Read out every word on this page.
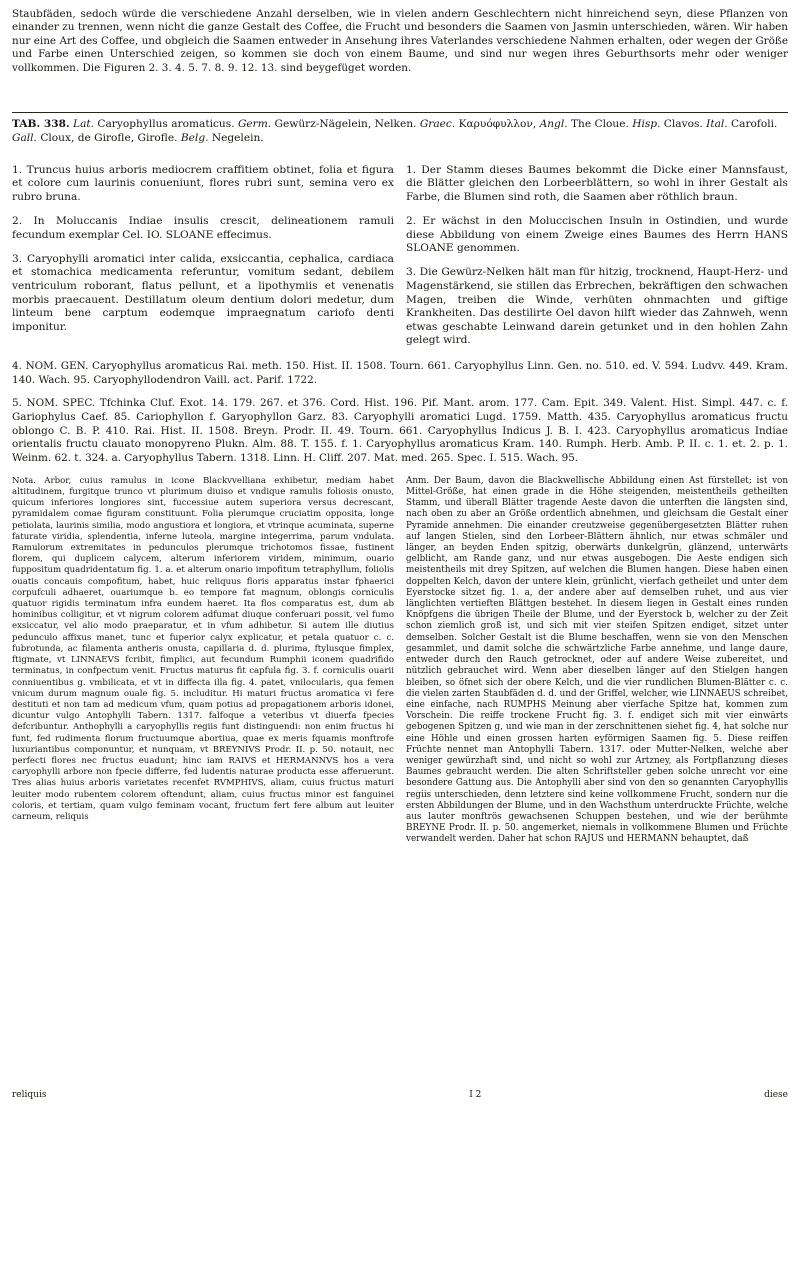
Staubfäden, sedoch würde die verschiedene Anzahl derselben, wie in vielen andern Geschlechtern nicht hinreichend seyn, diese Pflanzen von einander zu trennen, wenn nicht die ganze Gestalt des Coffee, die Frucht und besonders die Saamen von Jasmin unterschieden, wären. Wir haben nur eine Art des Coffee, und obgleich die Saamen entweder in Ansehung ihres Vaterlandes verschiedene Nahmen erhalten, oder wegen der Größe und Farbe einen Unterschied zeigen, so kommen sie doch von einem Baume, und sind nur wegen ihres Geburthsorts mehr oder weniger vollkommen. Die Figuren 2. 3. 4. 5. 7. 8. 9. 12. 13. sind beygefüget worden.

TAB. 338. Lat. Caryophyllus aromaticus. Germ. Gewürz-Nägelein, Nelken. Graec. Καρυόφυλλον, Angl. The Cloue. Hisp. Clavos. Ital. Carofoli. Gall. Cloux, de Girofle, Girofle. Belg. Negelein.

1. Truncus huius arboris mediocrem craffitiem obtinet, folia et figura et colore cum laurinis conueniunt, flores rubri sunt, semina vero ex rubro bruna.

2. In Moluccanis Indiae insulis crescit, delineationem ramuli fecundum exemplar Cel. IO. SLOANE effecimus.

3. Caryophylli aromatici inter calida, exsiccantia, cephalica, cardiaca et stomachica medicamenta referuntur, vomitum sedant, debilem ventriculum roborant, flatus pellunt, et a lipothymiis et venenatis morbis praecauent. Destillatum oleum dentium dolori medetur, dum linteum bene carptum eodemque impraegnatum cariofo denti imponitur.

1. Der Stamm dieses Baumes bekommt die Dicke einer Mannsfaust, die Blätter gleichen den Lorbeerblättern, so wohl in ihrer Gestalt als Farbe, die Blumen sind roth, die Saamen aber röthlich braun.

2. Er wächst in den Moluccischen Insuln in Ostindien, und wurde diese Abbildung von einem Zweige eines Baumes des Herrn HANS SLOANE genommen.

3. Die Gewürz-Nelken hält man für hitzig, trocknend, Haupt-Herz- und Magenstärkend, sie stillen das Erbrechen, bekräftigen den schwachen Magen, treiben die Winde, verhüten ohnmachten und giftige Krankheiten. Das destilirte Oel davon hilft wieder das Zahnweh, wenn etwas geschabte Leinwand darein getunket und in den hohlen Zahn gelegt wird.

4. NOM. GEN. Caryophyllus aromaticus Rai. meth. 150. Hist. II. 1508. Tourn. 661. Caryophyllus Linn. Gen. no. 510. ed. V. 594. Ludvv. 449. Kram. 140. Wach. 95. Caryophyllodendron Vaill. act. Parif. 1722.

5. NOM. SPEC. Tfchinka Cluf. Exot. 14. 179. 267. et 376. Cord. Hist. 196. Pif. Mant. arom. 177. Cam. Epit. 349. Valent. Hist. Simpl. 447. c. f. Gariophylus Caef. 85. Cariophyllon f. Garyophyllon Garz. 83. Caryophylli aromatici Lugd. 1759. Matth. 435. Caryophyllus aromaticus fructu oblongo C. B. P. 410. Rai. Hist. II. 1508. Breyn. Prodr. II. 49. Tourn. 661. Caryophyllus Indicus J. B. I. 423. Caryophyllus aromaticus Indiae orientalis fructu clauato monopyreno Plukn. Alm. 88. T. 155. f. 1. Caryophyllus aromaticus Kram. 140. Rumph. Herb. Amb. P. II. c. 1. et. 2. p. 1. Weinm. 62. t. 324. a. Caryophyllus Tabern. 1318. Linn. H. Cliff. 207. Mat. med. 265. Spec. I. 515. Wach. 95.

Nota. Arbor, cuius ramulus in icone Blackvvelliana exhibetur, mediam habet altitudinem, furgitque trunco vt plurimum diuiso et vndique ramulis foliosis onusto, quicum inferiores longiores sint, fuccessiue autem superiora versus decrescant, pyramidalem comae figuram constituunt. Folia plerumque cruciatim opposita, longe petiolata, laurinis similia, modo angustiora et longiora, et vtrinque acuminata, superne faturate viridia, splendentia, inferne luteola, margine integerrima, parum vndulata. Ramulorum extremitates in pedunculos plerumque trichotomos fissae, fustinent florem, qui duplicem calycem, alterum inferiorem viridem, minimum, ouario fuppositum quadridentatum fig. 1. a. et alterum onario impofitum tetraphyllum, foliolis ouatis concauis compofitum, habet, huic reliquus floris apparatus instar fphaerici corpufculi adhaeret, ouariumque b. eo tempore fat magnum, oblongis corniculis quatuor rigidis terminatum infra eundem haeret. Ita flos comparatus est, dum ab hominibus colligitur, et vt nigrum colorem adfumat diuque conferuari possit, vel fumo exsiccatur, vel alio modo praeparatur, et in vfum adhibetur. Si autem ille diutius pedunculo affixus manet, tunc et fuperior calyx explicatur, et petala quatuor c. c. fubrotunda, ac filamenta antheris onusta, capillaria d. d. plurima, ftylusque fimplex, ftigmate, vt LINNAEVS fcribit, fimplici, aut fecundum Rumphii iconem quadrifido terminatus, in confpectum venit. Fructus maturus fit capfula fig. 3. f. corniculis ouarii conniuentibus g. vmbilicata, et vt in diffecta illa fig. 4. patet, vnilocularis, qua femen vnicum durum magnum ouale fig. 5. includitur. Hi maturi fructus aromatica vi fere destituti et non tam ad medicum vfum, quam potius ad propagationem arboris idonei, dicuntur vulgo Antophylli Tabern. 1317. falfoque a veteribus vt diuerfa fpecies defcribuntur. Anthophylli a caryophyllis regiis funt distinguendi: non enim fructus hi funt, fed rudimenta florum fructuumque abortiua, quae ex meris fquamis monftrofe luxuriantibus componuntur, et nunquam, vt BREYNIVS Prodr. II. p. 50. notauit, nec perfecti flores nec fructus euadunt; hinc iam RAIVS et HERMANNVS hos a vera caryophylli arbore non fpecie differre, fed ludentis naturae producta esse afferuerunt. Tres alias huius arboris varietates recenfet RVMPHIVS, aliam, cuius fructus maturi leuiter modo rubentem colorem oftendunt, aliam, cuius fructus minor est fanguinei coloris, et tertiam, quam vulgo feminam vocant, fructum fert fere album aut leuiter carneum, reliquis
Anm. Der Baum, davon die Blackwellische Abbildung einen Ast fürstellet; ist von Mittel-Größe, hat einen grade in die Höhe steigenden, meistentheils getheilten Stamm, und überall Blätter tragende Aeste davon die unterften die längsten sind, nach oben zu aber an Größe ordentlich abnehmen, und gleichsam die Gestalt einer Pyramide annehmen. Die einander creutzweise gegenübergesetzten Blätter ruhen auf langen Stielen, sind den Lorbeer-Blättern ähnlich, nur etwas schmäler und länger, an beyden Enden spitzig, oberwärts dunkelgrün, glänzend, unterwärts gelblicht, am Rande ganz, und nur etwas ausgebogen. Die Aeste endigen sich meistentheils mit drey Spitzen, auf welchen die Blumen hangen. Diese haben einen doppelten Kelch, davon der untere klein, grünlicht, vierfach getheilet und unter dem Eyerstocke sitzet fig. 1. a, der andere aber auf demselben ruhet, und aus vier länglichten vertieften Blättgen bestehet. In diesem liegen in Gestalt eines runden Knöpfgens die übrigen Theile der Blume, und der Eyerstock b, welcher zu der Zeit schon ziemlich groß ist, und sich mit vier steifen Spitzen endiget, sitzet unter demselben. Solcher Gestalt ist die Blume beschaffen, wenn sie von den Menschen gesammlet, und damit solche die schwärtzliche Farbe annehme, und lange daure, entweder durch den Rauch getrocknet, oder auf andere Weise zubereitet, und nützlich gebrauchet wird. Wenn aber dieselben länger auf den Stielgen hangen bleiben, so öfnet sich der obere Kelch, und die vier rundlichen Blumen-Blätter c. c. die vielen zarten Staubfäden d. d. und der Griffel, welcher, wie LINNAEUS schreibet, eine einfache, nach RUMPHS Meinung aber vierfache Spitze hat, kommen zum Vorschein. Die reiffe trockene Frucht fig. 3. f. endiget sich mit vier einwärts gebogenen Spitzen g, und wie man in der zerschnittenen siehet fig. 4, hat solche nur eine Höhle und einen grossen harten eyförmigen Saamen fig. 5. Diese reiffen Früchte nennet man Antophylli Tabern. 1317. oder Mutter-Nelken, welche aber weniger gewürzhaft sind, und nicht so wohl zur Artzney, als Fortpflanzung dieses Baumes gebraucht werden. Die alten Schriftsteller geben solche unrecht vor eine besondere Gattung aus. Die Antophylli aber sind von den so genannten Caryophyllis regiis unterschieden, denn letztere sind keine vollkommene Frucht, sondern nur die ersten Abbildungen der Blume, und in den Wachsthum unterdruckte Früchte, welche aus lauter monftrös gewachsenen Schuppen bestehen, und wie der berühmte BREYNE Prodr. II. p. 50. angemerket, niemals in vollkommene Blumen und Früchte verwandelt werden. Daher hat schon RAJUS und HERMANN behauptet, daß
reliquis	I 2	diese
